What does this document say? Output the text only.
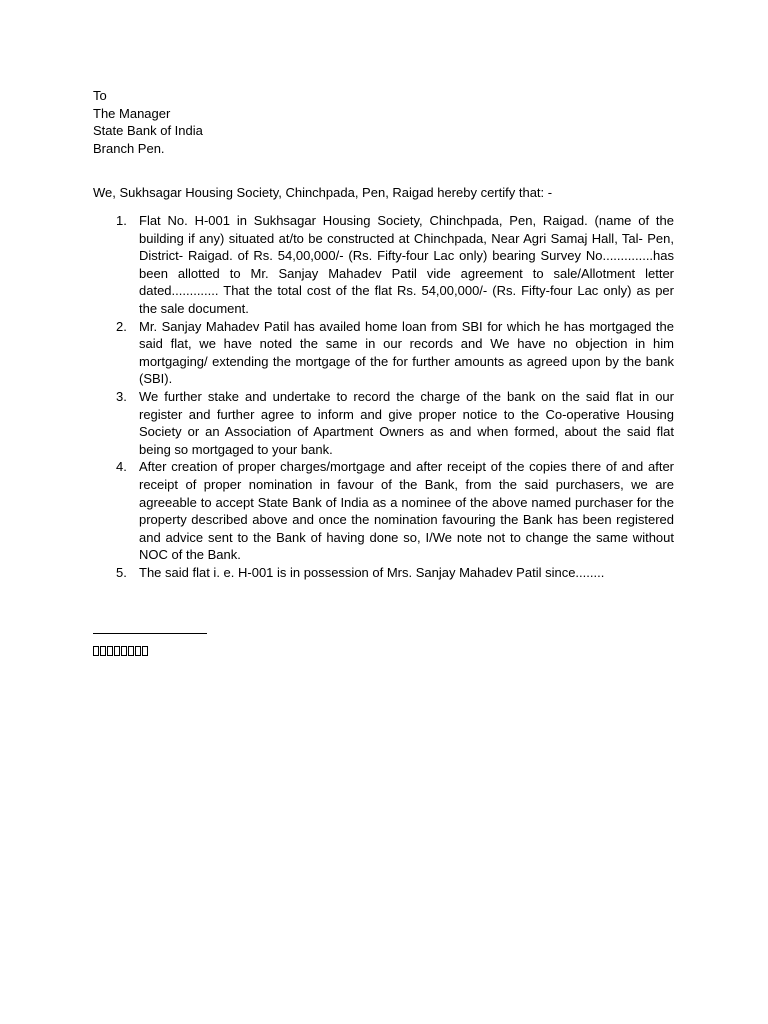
To
The Manager
State Bank of India
Branch Pen.
We, Sukhsagar Housing Society, Chinchpada, Pen, Raigad hereby certify that: -
1. Flat No. H-001 in Sukhsagar Housing Society, Chinchpada, Pen, Raigad. (name of the building if any) situated at/to be constructed at Chinchpada, Near Agri Samaj Hall, Tal- Pen, District- Raigad. of Rs. 54,00,000/- (Rs. Fifty-four Lac only) bearing Survey No..............has been allotted to Mr. Sanjay Mahadev Patil vide agreement to sale/Allotment letter dated............. That the total cost of the flat Rs. 54,00,000/- (Rs. Fifty-four Lac only) as per the sale document.
2. Mr. Sanjay Mahadev Patil has availed home loan from SBI for which he has mortgaged the said flat, we have noted the same in our records and We have no objection in him mortgaging/ extending the mortgage of the for further amounts as agreed upon by the bank (SBI).
3. We further stake and undertake to record the charge of the bank on the said flat in our register and further agree to inform and give proper notice to the Co-operative Housing Society or an Association of Apartment Owners as and when formed, about the said flat being so mortgaged to your bank.
4. After creation of proper charges/mortgage and after receipt of the copies there of and after receipt of proper nomination in favour of the Bank, from the said purchasers, we are agreeable to accept State Bank of India as a nominee of the above named purchaser for the property described above and once the nomination favouring the Bank has been registered and advice sent to the Bank of having done so, I/We note not to change the same without NOC of the Bank.
5. The said flat i. e. H-001 is in possession of Mrs. Sanjay Mahadev Patil since........
